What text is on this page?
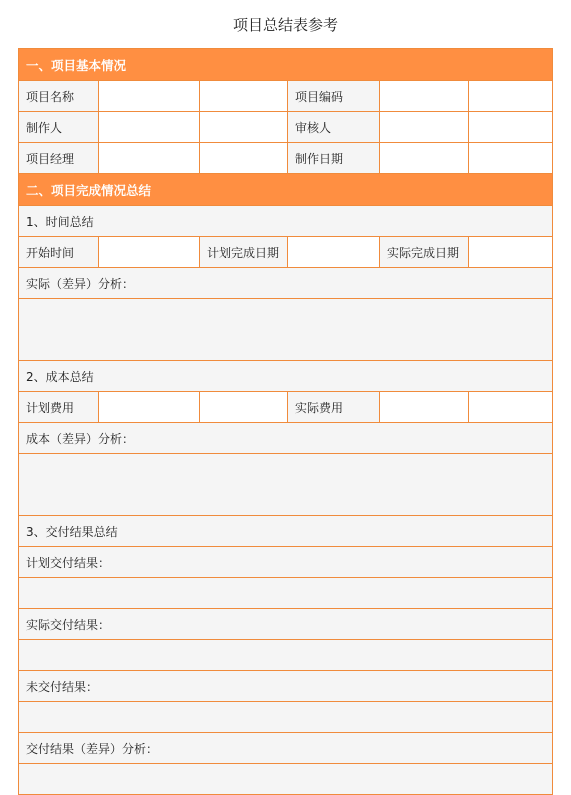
项目总结表参考
一、项目基本情况					
项目名称			项目编码		
制作人			审核人		
项目经理			制作日期		
二、项目完成情况总结					
1、时间总结					
开始时间		计划完成日期		实际完成日期	
实际（差异）分析：					

2、成本总结					
计划费用			实际费用		
成本（差异）分析：					

3、交付结果总结					
计划交付结果：					

实际交付结果：					

未交付结果：					

交付结果（差异）分析：					
